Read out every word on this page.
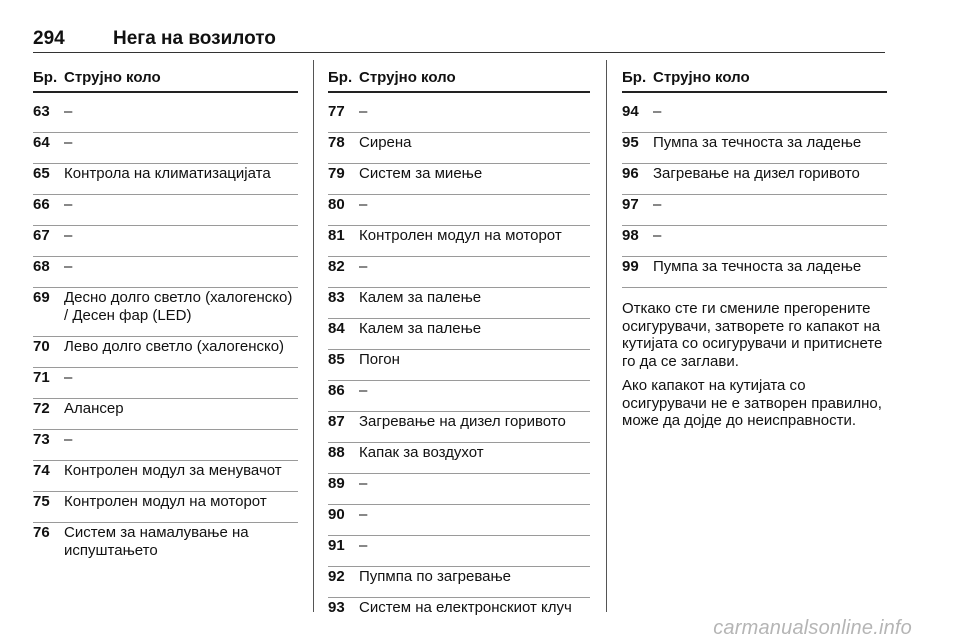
294	Нега на возилото
Бр. Струјно коло
63 –
64 –
65 Контрола на климатизацијата
66 –
67 –
68 –
69 Десно долго светло (халогенско) / Десен фар (LED)
70 Лево долго светло (халогенско)
71 –
72 Алансер
73 –
74 Контролен модул за менувачот
75 Контролен модул на моторот
76 Систем за намалување на испуштањето
Бр. Струјно коло
77 –
78 Сирена
79 Систем за миење
80 –
81 Контролен модул на моторот
82 –
83 Калем за палење
84 Калем за палење
85 Погон
86 –
87 Загревање на дизел горивото
88 Капак за воздухот
89 –
90 –
91 –
92 Пупмпа по загревање
93 Систем на електронскиот клуч
Бр. Струјно коло
94 –
95 Пумпа за течноста за ладење
96 Загревање на дизел горивото
97 –
98 –
99 Пумпа за течноста за ладење

Откако сте ги смениле прегорените осигурувачи, затворете го капакот на кутијата со осигурувачи и притиснете го да се заглави.

Ако капакот на кутијата со осигурувачи не е затворен правилно, може да дојде до неисправности.

carmanualsonline.info
